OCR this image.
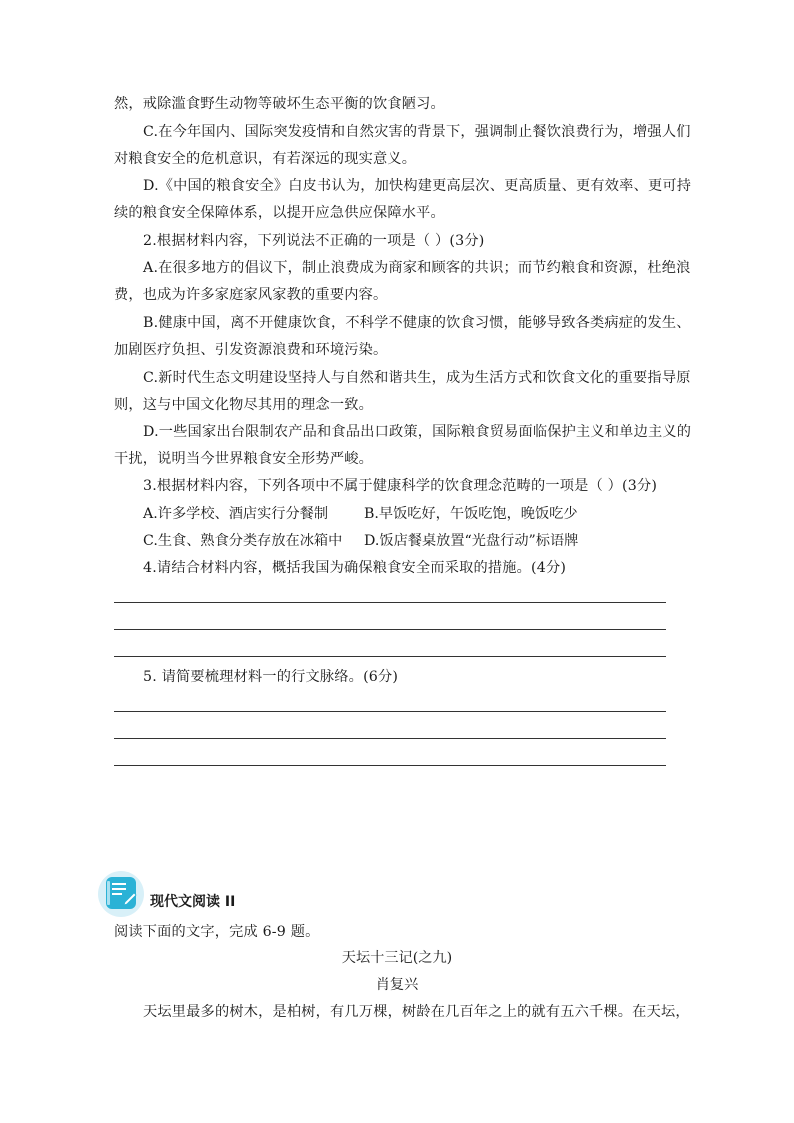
然，戒除滥食野生动物等破坏生态平衡的饮食陋习。
C.在今年国内、国际突发疫情和自然灾害的背景下，强调制止餐饮浪费行为，增强人们
对粮食安全的危机意识，有若深远的现实意义。
D.《中国的粮食安全》白皮书认为，加快构建更高层次、更高质量、更有效率、更可持
续的粮食安全保障体系，以提开应急供应保障水平。
2.根据材料内容，下列说法不正确的一项是（ ）(3分)
A.在很多地方的倡议下，制止浪费成为商家和顾客的共识；而节约粮食和资源，杜绝浪
费，也成为许多家庭家风家教的重要内容。
B.健康中国，离不开健康饮食，不科学不健康的饮食习惯，能够导致各类病症的发生、
加剧医疗负担、引发资源浪费和环境污染。
C.新时代生态文明建设坚持人与自然和谐共生，成为生活方式和饮食文化的重要指导原
则，这与中国文化物尽其用的理念一致。
D.一些国家出台限制农产品和食品出口政策，国际粮食贸易面临保护主义和单边主义的
干扰，说明当今世界粮食安全形势严峻。
3.根据材料内容，下列各项中不属于健康科学的饮食理念范畴的一项是（ ）(3分)
A.许多学校、酒店实行分餐制	B.早饭吃好，午饭吃饱，晚饭吃少
C.生食、熟食分类存放在冰箱中 D.饭店餐桌放置“光盘行动”标语牌
4.请结合材料内容，概括我国为确保粮食安全而采取的措施。(4分)
5. 请简要梳理材料一的行文脉络。(6分)
现代文阅读 II
阅读下面的文字，完成 6-9 题。
天坛十三记(之九)
肖复兴
天坛里最多的树木，是柏树，有几万棵，树龄在几百年之上的就有五六千棵。在天坛，
